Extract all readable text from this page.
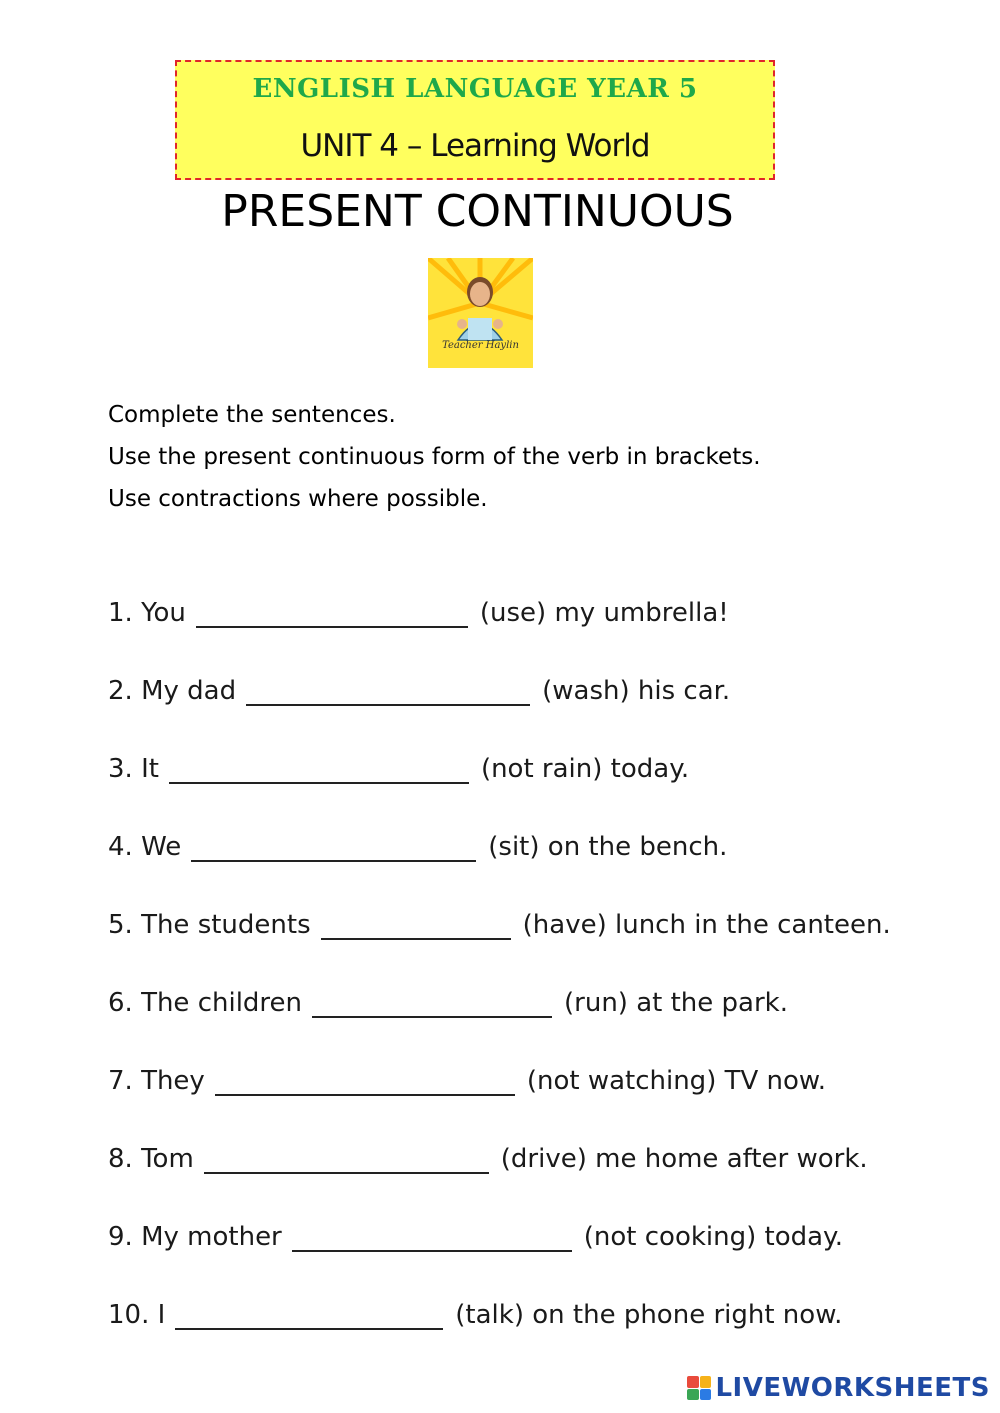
ENGLISH LANGUAGE YEAR 5
UNIT 4 – Learning World
PRESENT CONTINUOUS
Teacher Haylin
Complete the sentences.
Use the present continuous form of the verb in brackets.
Use contractions where possible.
1. You	(use) my umbrella!
2. My dad	(wash) his car.
3. It	(not rain) today.
4. We	(sit) on the bench.
5. The students	(have) lunch in the canteen.
6. The children	(run) at the park.
7. They	(not watching) TV now.
8. Tom	(drive) me home after work.
9. My mother	(not cooking) today.
10. I	(talk) on the phone right now.
LIVEWORKSHEETS
